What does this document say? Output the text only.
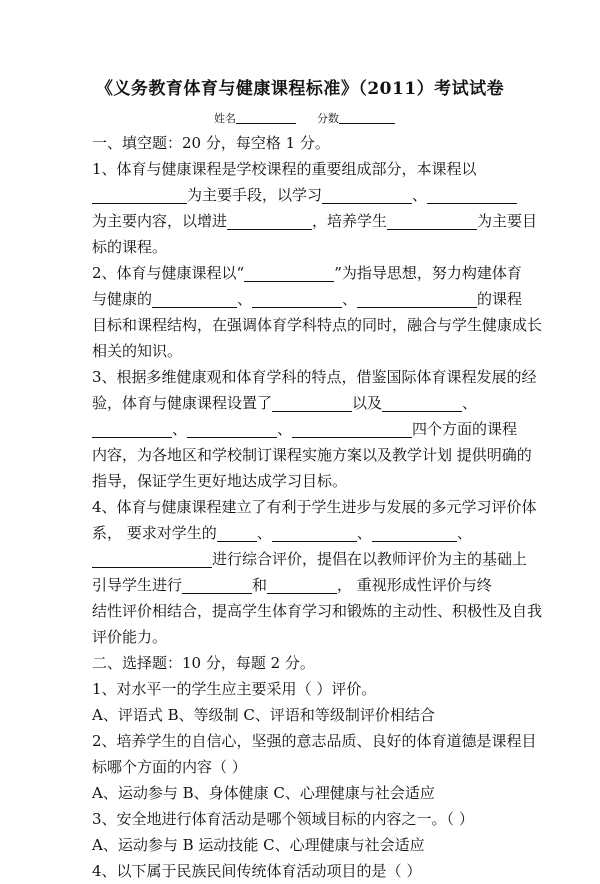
《义务教育体育与健康课程标准》（2011）考试试卷
姓名	分数
一、填空题：20 分，每空格 1 分。
1、体育与健康课程是学校课程的重要组成部分，本课程以
为主要手段，以学习	、
为主要内容，以增进	，培养学生	为主要目
标的课程。
2、体育与健康课程以“	”为指导思想，努力构建体育
与健康的	、	、	的课程
目标和课程结构，在强调体育学科特点的同时，融合与学生健康成长
相关的知识。
3、根据多维健康观和体育学科的特点，借鉴国际体育课程发展的经
验，体育与健康课程设置了	以及	、
、	、	四个方面的课程
内容，为各地区和学校制订课程实施方案以及教学计划 提供明确的
指导，保证学生更好地达成学习目标。
4、体育与健康课程建立了有利于学生进步与发展的多元学习评价体
系， 要求对学生的	、	、	、
进行综合评价，提倡在以教师评价为主的基础上
引导学生进行	和	， 重视形成性评价与终
结性评价相结合，提高学生体育学习和锻炼的主动性、积极性及自我
评价能力。
二、选择题：10 分，每题 2 分。
1、对水平一的学生应主要采用（ ）评价。
A、评语式 B、等级制 C、评语和等级制评价相结合
2、培养学生的自信心，坚强的意志品质、良好的体育道德是课程目
标哪个方面的内容（ ）
A、运动参与 B、身体健康 C、心理健康与社会适应
3、安全地进行体育活动是哪个领域目标的内容之一。（ ）
A、运动参与 B 运动技能 C、心理健康与社会适应
4、以下属于民族民间传统体育活动项目的是（ ）
